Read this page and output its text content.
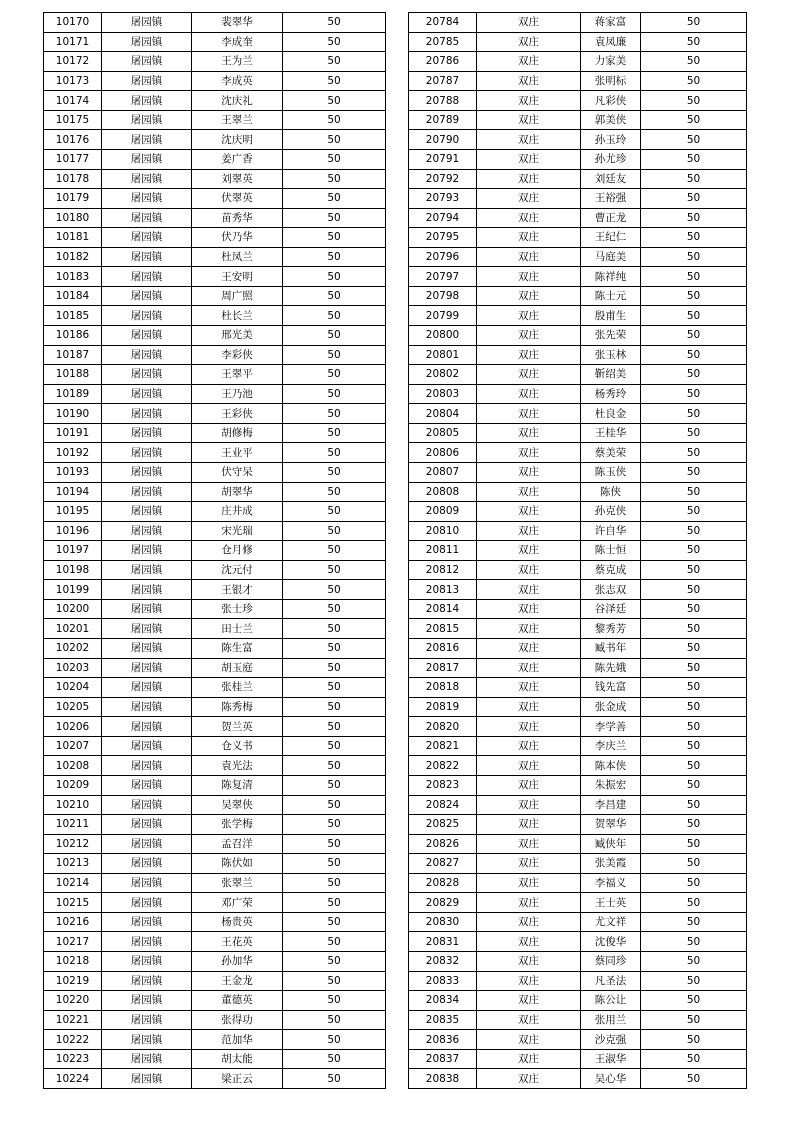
10170	屠园镇	裴翠华	50
10171	屠园镇	李成奎	50
10172	屠园镇	王为兰	50
10173	屠园镇	李成英	50
10174	屠园镇	沈庆礼	50
10175	屠园镇	王翠兰	50
10176	屠园镇	沈庆明	50
10177	屠园镇	姜广香	50
10178	屠园镇	刘翠英	50
10179	屠园镇	伏翠英	50
10180	屠园镇	苗秀华	50
10181	屠园镇	伏乃华	50
10182	屠园镇	杜凤兰	50
10183	屠园镇	王安明	50
10184	屠园镇	周广照	50
10185	屠园镇	杜长兰	50
10186	屠园镇	邢光美	50
10187	屠园镇	李彩侠	50
10188	屠园镇	王翠平	50
10189	屠园镇	王乃池	50
10190	屠园镇	王彩侠	50
10191	屠园镇	胡修梅	50
10192	屠园镇	王业平	50
10193	屠园镇	伏守呆	50
10194	屠园镇	胡翠华	50
10195	屠园镇	庄井成	50
10196	屠园镇	宋光瑞	50
10197	屠园镇	仓月修	50
10198	屠园镇	沈元付	50
10199	屠园镇	王银才	50
10200	屠园镇	张士珍	50
10201	屠园镇	田士兰	50
10202	屠园镇	陈生富	50
10203	屠园镇	胡玉庭	50
10204	屠园镇	张桂兰	50
10205	屠园镇	陈秀梅	50
10206	屠园镇	贺兰英	50
10207	屠园镇	仓义书	50
10208	屠园镇	袁光法	50
10209	屠园镇	陈复清	50
10210	屠园镇	吴翠侠	50
10211	屠园镇	张学梅	50
10212	屠园镇	孟召洋	50
10213	屠园镇	陈伏如	50
10214	屠园镇	张翠兰	50
10215	屠园镇	邓广荣	50
10216	屠园镇	杨贵英	50
10217	屠园镇	王花英	50
10218	屠园镇	孙加华	50
10219	屠园镇	王金龙	50
10220	屠园镇	董德英	50
10221	屠园镇	张得功	50
10222	屠园镇	范加华	50
10223	屠园镇	胡太能	50
10224	屠园镇	梁正云	50
20784	双庄	蒋家富	50
20785	双庄	袁凤廉	50
20786	双庄	力家美	50
20787	双庄	张明标	50
20788	双庄	凡彩侠	50
20789	双庄	郭美侠	50
20790	双庄	孙玉玲	50
20791	双庄	孙尤珍	50
20792	双庄	刘廷友	50
20793	双庄	王裕强	50
20794	双庄	曹正龙	50
20795	双庄	王纪仁	50
20796	双庄	马庭美	50
20797	双庄	陈祥纯	50
20798	双庄	陈士元	50
20799	双庄	殷甫生	50
20800	双庄	张先荣	50
20801	双庄	张玉林	50
20802	双庄	靳绍美	50
20803	双庄	杨秀玲	50
20804	双庄	杜良金	50
20805	双庄	王桂华	50
20806	双庄	蔡美荣	50
20807	双庄	陈玉侠	50
20808	双庄	陈侠	50
20809	双庄	孙克侠	50
20810	双庄	许自华	50
20811	双庄	陈士恒	50
20812	双庄	蔡克成	50
20813	双庄	张志双	50
20814	双庄	谷泽廷	50
20815	双庄	黎秀芳	50
20816	双庄	臧书年	50
20817	双庄	陈先娥	50
20818	双庄	钱先富	50
20819	双庄	张金成	50
20820	双庄	李学善	50
20821	双庄	李庆兰	50
20822	双庄	陈本侠	50
20823	双庄	朱振宏	50
20824	双庄	李昌建	50
20825	双庄	贺翠华	50
20826	双庄	臧侠年	50
20827	双庄	张美霞	50
20828	双庄	李福义	50
20829	双庄	王士英	50
20830	双庄	尤文祥	50
20831	双庄	沈俊华	50
20832	双庄	蔡同珍	50
20833	双庄	凡圣法	50
20834	双庄	陈公让	50
20835	双庄	张用兰	50
20836	双庄	沙克强	50
20837	双庄	王淑华	50
20838	双庄	吴心华	50
